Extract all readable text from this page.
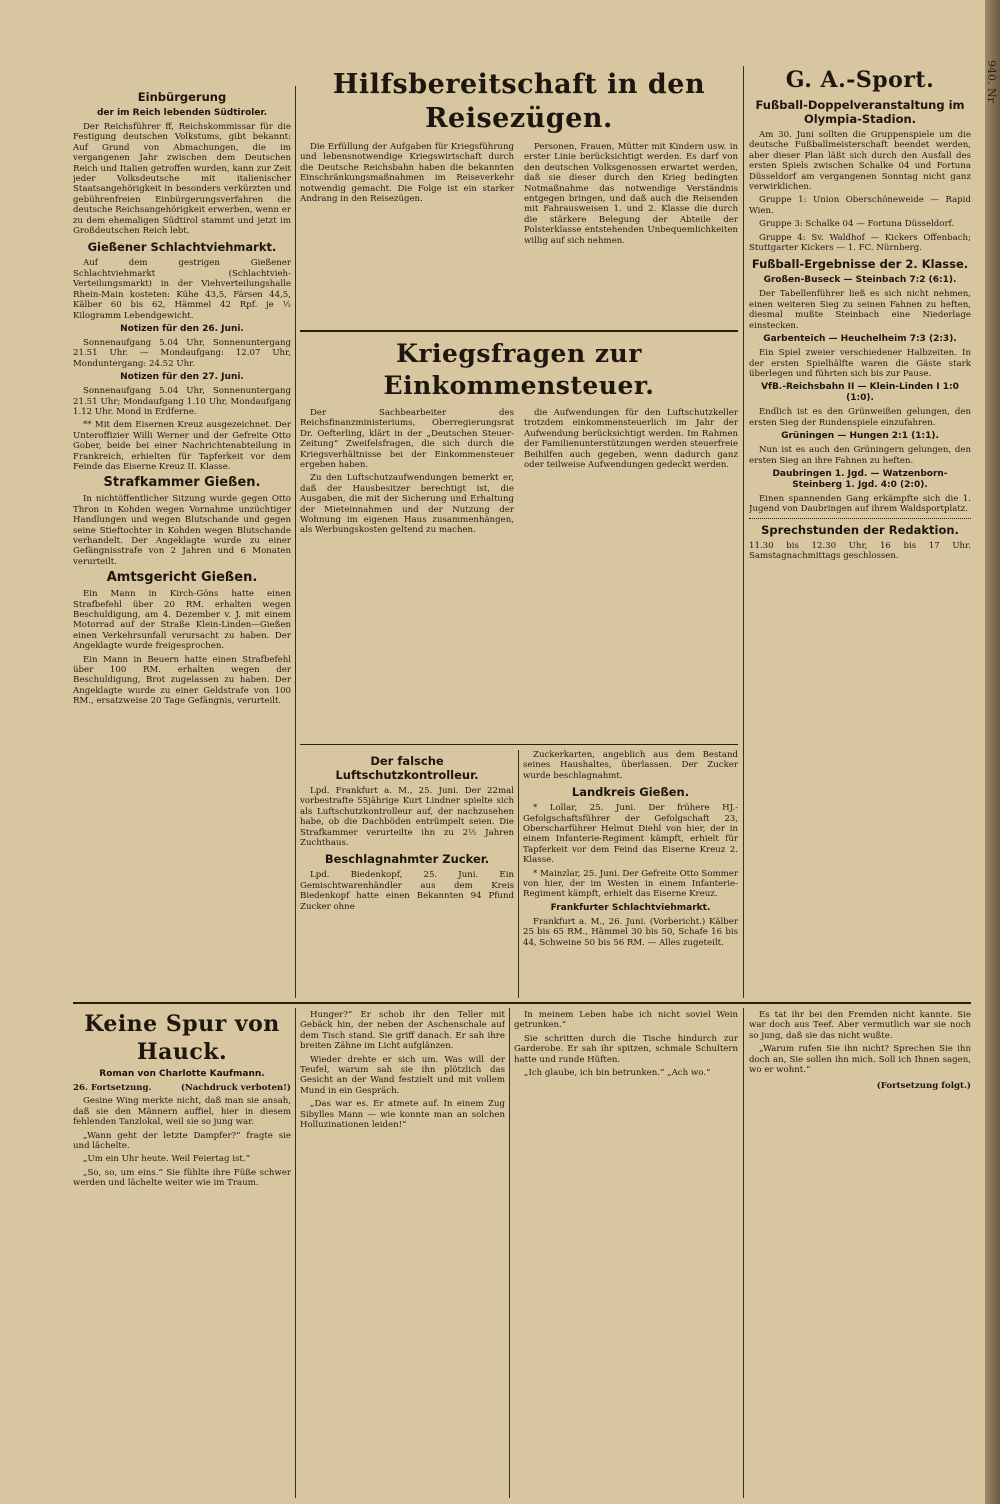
Einbürgerung
der im Reich lebenden Südtiroler.

Der Reichsführer ff, Reichskommissar für die Festigung deutschen Volkstums, gibt bekannt: Auf Grund von Abmachungen, die im vergangenen Jahr zwischen dem Deutschen Reich und Italien getroffen wurden, kann zur Zeit jeder Volksdeutsche mit italienischer Staatsangehörigkeit in besonders verkürzten und gebührenfreien Einbürgerungsverfahren die deutsche Reichsangehörigkeit erwerben, wenn er zu dem ehemaligen Südtirol stammt und jetzt im Großdeutschen Reich lebt.

Gießener Schlachtviehmarkt.

Auf dem gestrigen Gießener Schlachtviehmarkt (Schlachtvieh-Verteilungsmarkt) in der Viehverteilungshalle Rhein-Main kosteten: Kühe 43,5, Färsen 44,5, Kälber 60 bis 62, Hämmel 42 Rpf. je ½ Kilogramm Lebendgewicht.

Notizen für den 26. Juni.

Sonnenaufgang 5.04 Uhr, Sonnenuntergang 21.51 Uhr. — Mondaufgang: 12.07 Uhr, Monduntergang: 24.52 Uhr.

Notizen für den 27. Juni.

Sonnenaufgang 5.04 Uhr, Sonnenuntergang 21.51 Uhr; Mondaufgang 1.10 Uhr, Mondaufgang 1.12 Uhr. Mond in Erdferne.

** Mit dem Eisernen Kreuz ausgezeichnet. Der Unteroffizier Willi Werner und der Gefreite Otto Gober, beide bei einer Nachrichtenabteilung in Frankreich, erhielten für Tapferkeit vor dem Feinde das Eiserne Kreuz II. Klasse.

Strafkammer Gießen.

In nichtöffentlicher Sitzung wurde gegen Otto Thron in Kohden wegen Vornahme unzüchtiger Handlungen und wegen Blutschande und gegen seine Stieftochter in Kohden wegen Blutschande verhandelt. Der Angeklagte wurde zu einer Gefängnisstrafe von 2 Jahren und 6 Monaten verurteilt.

Amtsgericht Gießen.

Ein Mann in Kirch-Göns hatte einen Strafbefehl über 20 RM. erhalten wegen Beschuldigung, am 4. Dezember v. J. mit einem Motorrad auf der Straße Klein-Linden—Gießen einen Verkehrsunfall verursacht zu haben. Der Angeklagte wurde freigesprochen.

Ein Mann in Beuern hatte einen Strafbefehl über 100 RM. erhalten wegen der Beschuldigung, Brot zugelassen zu haben. Der Angeklagte wurde zu einer Geldstrafe von 100 RM., ersatzweise 20 Tage Gefängnis, verurteilt.

Hilfsbereitschaft in den Reisezügen.

Die Erfüllung der Aufgaben für Kriegsführung und lebensnotwendige Kriegswirtschaft durch die Deutsche Reichsbahn haben die bekannten Einschränkungsmaßnahmen im Reiseverkehr notwendig gemacht. Die Folge ist ein starker Andrang in den Reisezügen.

Personen, Frauen, Mütter mit Kindern usw. in erster Linie berücksichtigt werden. Es darf von den deutschen Volksgenossen erwartet werden, daß sie dieser durch den Krieg bedingten Notmaßnahme das notwendige Verständnis entgegen bringen, und daß auch die Reisenden mit Fahrausweisen 1. und 2. Klasse die durch die stärkere Belegung der Abteile der Polsterklasse entstehenden Unbequemlichkeiten willig auf sich nehmen.

Kriegsfragen zur Einkommensteuer.

Der Sachbearbeiter des Reichsfinanzministeriums, Oberregierungsrat Dr. Oefterling, klärt in der „Deutschen Steuer-Zeitung“ Zweifelsfragen, die sich durch die Kriegsverhältnisse bei der Einkommensteuer ergeben haben.

Zu den Luftschutzaufwendungen bemerkt er, daß der Hausbesitzer berechtigt ist, die Ausgaben, die mit der Sicherung und Erhaltung der Mieteinnahmen und der Nutzung der Wohnung im eigenen Haus zusammenhängen, als Werbungskosten geltend zu machen.

die Aufwendungen für den Luftschutzkeller trotzdem einkommensteuerlich im Jahr der Aufwendung berücksichtigt werden. Im Rahmen der Familienunterstützungen werden steuerfreie Beihilfen auch gegeben, wenn dadurch ganz oder teilweise Aufwendungen gedeckt werden.

Der falsche Luftschutzkontrolleur.

Lpd. Frankfurt a. M., 25. Juni. Der 22mal vorbestrafte 55jährige Kurt Lindner spielte sich als Luftschutzkontrolleur auf, der nachzusehen habe, ob die Dachböden entrümpelt seien. Die Strafkammer verurteilte ihn zu 2½ Jahren Zuchthaus.

Beschlagnahmter Zucker.

Lpd. Biedenkopf, 25. Juni. Ein Gemischtwarenhändler aus dem Kreis Biedenkopf hatte einen Bekannten 94 Pfund Zucker ohne

Zuckerkarten, angeblich aus dem Bestand seines Haushaltes, überlassen. Der Zucker wurde beschlagnahmt.

Landkreis Gießen.

* Lollar, 25. Juni. Der frühere HJ.-Gefolgschaftsführer der Gefolgschaft 23, Oberscharführer Helmut Diehl von hier, der in einem Infanterie-Regiment kämpft, erhielt für Tapferkeit vor dem Feind das Eiserne Kreuz 2. Klasse.

* Mainzlar, 25. Juni. Der Gefreite Otto Sommer von hier, der im Westen in einem Infanterie-Regiment kämpft, erhielt das Eiserne Kreuz.

Frankfurter Schlachtviehmarkt.

Frankfurt a. M., 26. Juni. (Vorbericht.) Kälber 25 bis 65 RM., Hämmel 30 bis 50, Schafe 16 bis 44, Schweine 50 bis 56 RM. — Alles zugeteilt.

G. A.-Sport.
Fußball-Doppelveranstaltung im Olympia-Stadion.

Am 30. Juni sollten die Gruppenspiele um die deutsche Fußballmeisterschaft beendet werden, aber dieser Plan läßt sich durch den Ausfall des ersten Spiels zwischen Schalke 04 und Fortuna Düsseldorf am vergangenen Sonntag nicht ganz verwirklichen.

Gruppe 1: Union Oberschöneweide — Rapid Wien.

Gruppe 3: Schalke 04 — Fortuna Düsseldorf.

Gruppe 4: Sv. Waldhof — Kickers Offenbach; Stuttgarter Kickers — 1. FC. Nürnberg.

Fußball-Ergebnisse der 2. Klasse.
Großen-Buseck — Steinbach 7:2 (6:1).

Der Tabellenführer ließ es sich nicht nehmen, einen weiteren Sieg zu seinen Fahnen zu heften, diesmal mußte Steinbach eine Niederlage einstecken.

Garbenteich — Heuchelheim 7:3 (2:3).

Ein Spiel zweier verschiedener Halbzeiten. In der ersten Spielhälfte waren die Gäste stark überlegen und führten sich bis zur Pause.

VfB.-Reichsbahn II — Klein-Linden I 1:0 (1:0).

Endlich ist es den Grünweißen gelungen, den ersten Sieg der Rundenspiele einzufahren.

Grüningen — Hungen 2:1 (1:1).

Nun ist es auch den Grüningern gelungen, den ersten Sieg an ihre Fahnen zu heften.

Daubringen 1. Jgd. — Watzenborn-Steinberg 1. Jgd. 4:0 (2:0).

Einen spannenden Gang erkämpfte sich die 1. Jugend von Daubringen auf ihrem Waldsportplatz.

Sprechstunden der Redaktion.

11.30 bis 12.30 Uhr, 16 bis 17 Uhr. Samstagnachmittags geschlossen.

Keine Spur von Hauck.
Roman von Charlotte Kaufmann.
26. Fortsetzung.	(Nachdruck verboten!)

Gesine Wing merkte nicht, daß man sie ansah, daß sie den Männern auffiel, hier in diesem fehlenden Tanzlokal, weil sie so jung war.

„Wann geht der letzte Dampfer?“ fragte sie und lächelte.

„Um ein Uhr heute. Weil Feiertag ist.“

„So, so, um eins.“ Sie fühlte ihre Füße schwer werden und lächelte weiter wie im Traum.

Hunger?“ Er schob ihr den Teller mit Gebäck hin, der neben der Aschenschale auf dem Tisch stand. Sie griff danach. Er sah ihre breiten Zähne im Licht aufglänzen.

Wieder drehte er sich um. Was will der Teufel, warum sah sie ihn plötzlich das Gesicht an der Wand festzielt und mit vollem Mund in ein Gespräch.

„Das war es. Er atmete auf. In einem Zug Sibylles Mann — wie konnte man an solchen Holluzinationen leiden!“

In meinem Leben habe ich nicht soviel Wein getrunken.“

Sie schritten durch die Tische hindurch zur Garderobe. Er sah ihr spitzen, schmale Schultern hatte und runde Hüften.

„Ich glaube, ich bin betrunken.“ „Ach wo.“

Es tat ihr bei den Fremden nicht kannte. Sie war doch aus Teef. Aber vermutlich war sie noch so jung, daß sie das nicht wußte.

„Warum rufen Sie ihn nicht? Sprechen Sie ihn doch an, Sie sollen ihn mich. Soll ich Ihnen sagen, wo er wohnt.“

(Fortsetzung folgt.)

940. Nr
